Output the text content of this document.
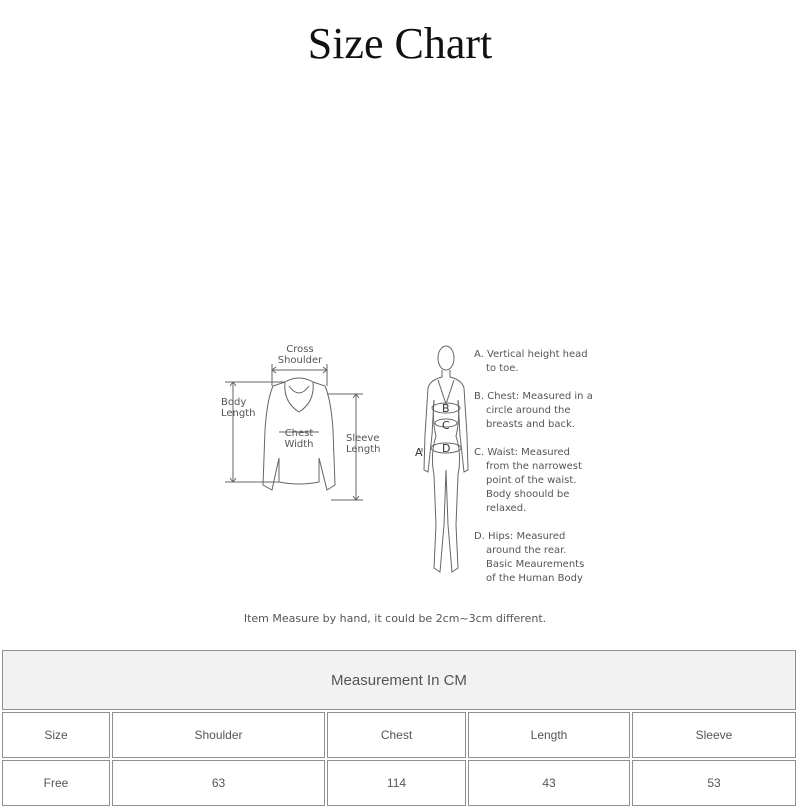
Size Chart
Cross
Shoulder
Body
Length
Chest
Width
Sleeve
Length	A
B
C
D
A. Vertical height head
to toe.
B. Chest: Measured in a
circle around the breasts and back.
C. Waist: Measured
from the narrowest point of the waist. Body shoould be relaxed.
D. Hips: Measured
around the rear. Basic Meaurements of the Human Body
Item Measure by hand, it could be 2cm~3cm different.
Measurement In CM				
Size	Shoulder	Chest	Length	Sleeve
Free	63	114	43	53
